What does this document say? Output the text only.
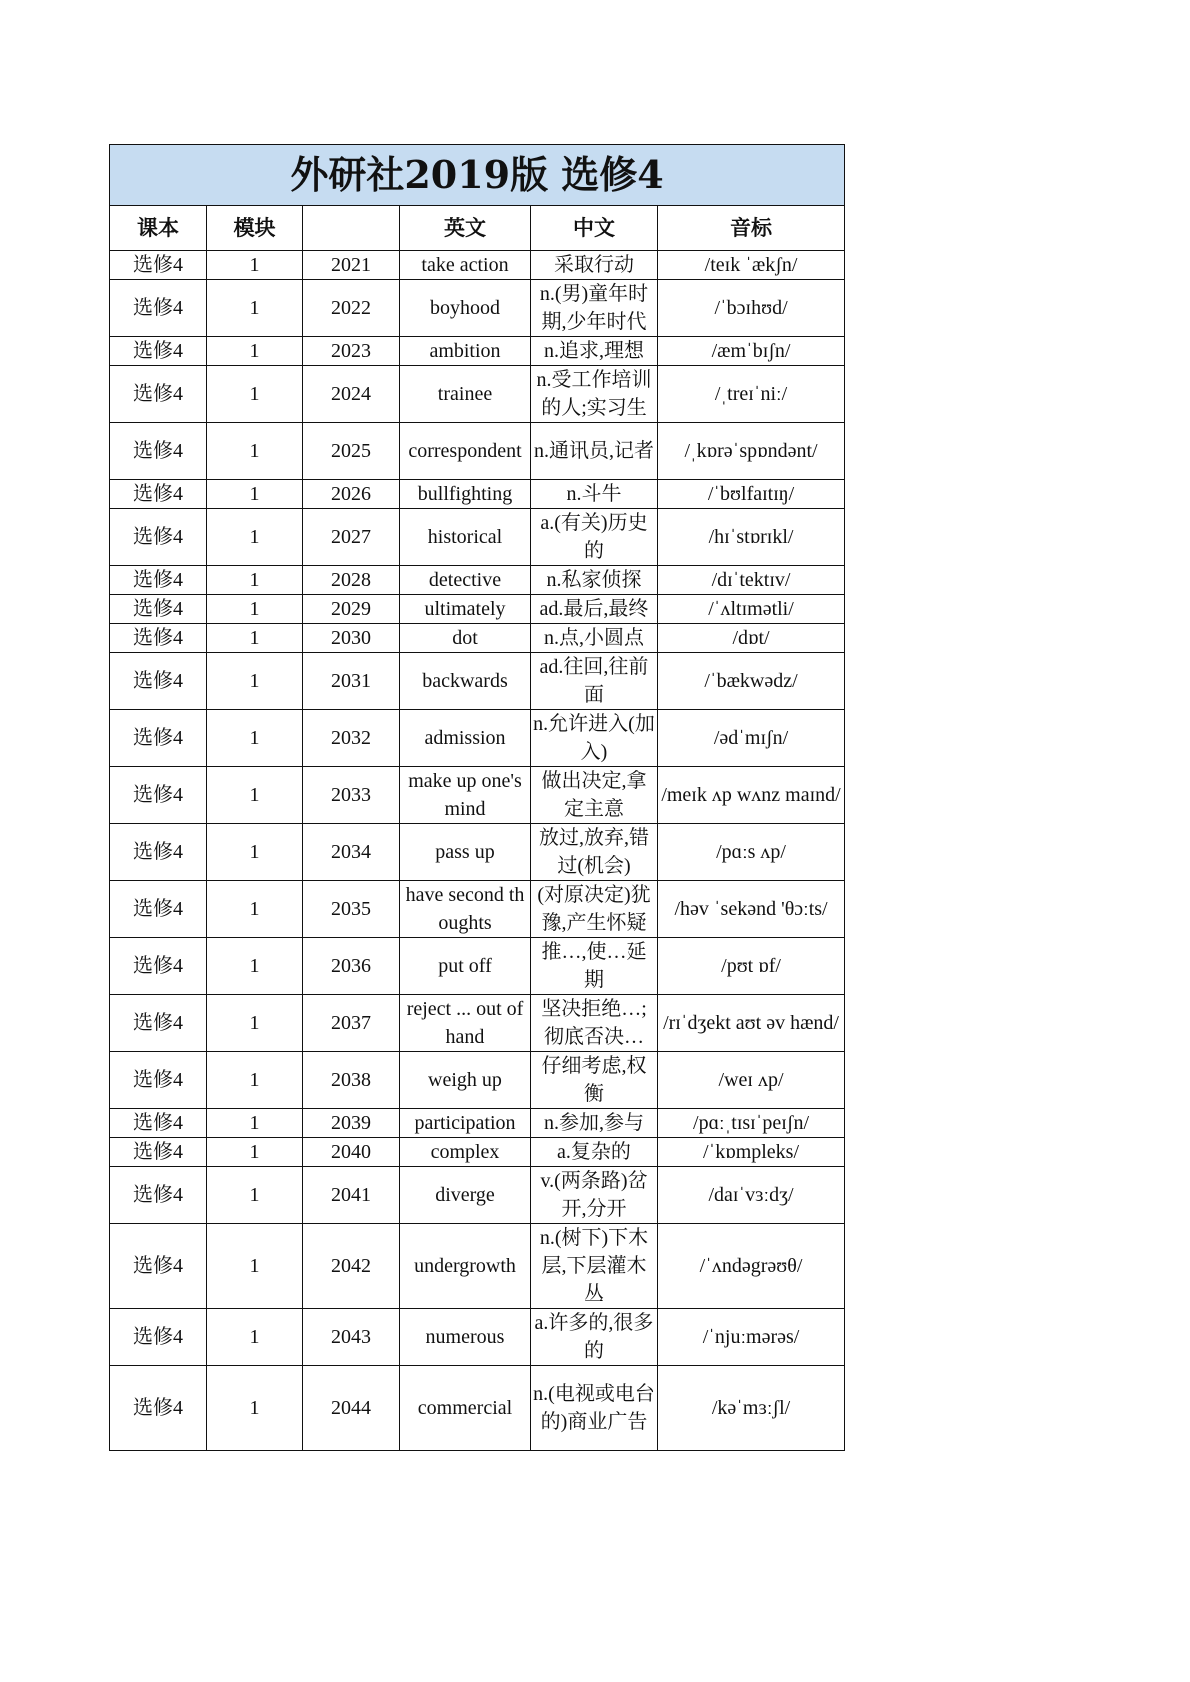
外研社2019版 选修4					
课本	模块		英文	中文	音标
选修4	1	2021	take action	采取行动	/teɪk ˈækʃn/
选修4	1	2022	boyhood	n.(男)童年时期,少年时代	/ˈbɔɪhʊd/
选修4	1	2023	ambition	n.追求,理想	/æmˈbɪʃn/
选修4	1	2024	trainee	n.受工作培训的人;实习生	/ˌtreɪˈniː/
选修4	1	2025	correspondent	n.通讯员,记者	/ˌkɒrəˈspɒndənt/
选修4	1	2026	bullfighting	n.斗牛	/ˈbʊlfaɪtɪŋ/
选修4	1	2027	historical	a.(有关)历史的	/hɪˈstɒrɪkl/
选修4	1	2028	detective	n.私家侦探	/dɪˈtektɪv/
选修4	1	2029	ultimately	ad.最后,最终	/ˈʌltɪmətli/
选修4	1	2030	dot	n.点,小圆点	/dɒt/
选修4	1	2031	backwards	ad.往回,往前面	/ˈbækwədz/
选修4	1	2032	admission	n.允许进入(加入)	/ədˈmɪʃn/
选修4	1	2033	make up one's mind	做出决定,拿定主意	/meɪk ʌp wʌnz maɪnd/
选修4	1	2034	pass up	放过,放弃,错过(机会)	/pɑːs ʌp/
选修4	1	2035	have second thoughts	(对原决定)犹豫,产生怀疑	/həv ˈsekənd 'θɔːts/
选修4	1	2036	put off	推…,使…延期	/pʊt ɒf/
选修4	1	2037	reject ... out of hand	坚决拒绝…;彻底否决…	/rɪˈdʒekt aʊt əv hænd/
选修4	1	2038	weigh up	仔细考虑,权衡	/weɪ ʌp/
选修4	1	2039	participation	n.参加,参与	/pɑːˌtɪsɪˈpeɪʃn/
选修4	1	2040	complex	a.复杂的	/ˈkɒmpleks/
选修4	1	2041	diverge	v.(两条路)岔开,分开	/daɪˈvɜːdʒ/
选修4	1	2042	undergrowth	n.(树下)下木层,下层灌木丛	/ˈʌndəgrəʊθ/
选修4	1	2043	numerous	a.许多的,很多的	/ˈnjuːmərəs/
选修4	1	2044	commercial	n.(电视或电台的)商业广告	/kəˈmɜːʃl/
